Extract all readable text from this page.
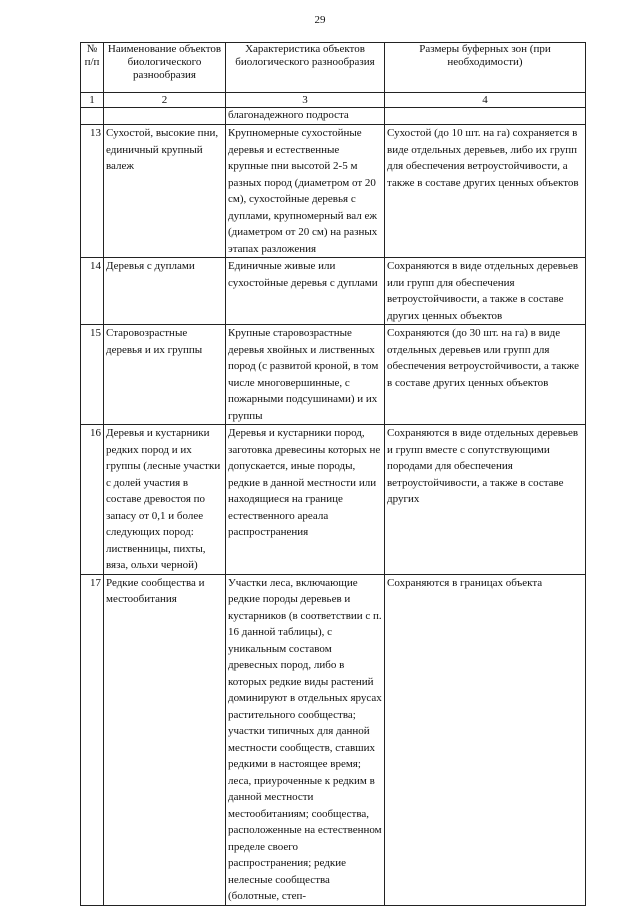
29
№ п/п	Наименование объектов биологического разнообразия	Характеристика объектов биологического разнообразия	Размеры буферных зон (при необходимости)
1	2	3	4
		благонадежного подроста	
13	Сухостой, высокие пни, единичный крупный валеж	Крупномерные сухостойные деревья и естественные крупные пни высотой 2-5 м разных пород (диаметром от 20 см), сухостойные деревья с дуплами, крупномерный вал еж (диаметром от 20 см) на разных этапах разложения	Сухостой (до 10 шт. на га) сохраняется в виде отдельных деревьев, либо их групп для обеспечения ветроустойчивости, а также в составе других ценных объектов
14	Деревья с дуплами	Единичные живые или сухостойные деревья с дуплами	Сохраняются в виде отдельных деревьев или групп для обеспечения ветроустойчивости, а также в составе других ценных объектов
15	Старовозрастные деревья и их группы	Крупные старовозрастные деревья хвойных и лиственных пород (с развитой кроной, в том числе многовершинные, с пожарными подсушинами) и их группы	Сохраняются (до 30 шт. на га) в виде отдельных деревьев или групп для обеспечения ветроустойчивости, а также в составе других ценных объектов
16	Деревья и кустарники редких пород и их группы (лесные участки с долей участия в составе древостоя по запасу от 0,1 и более следующих пород: лиственницы, пихты, вяза, ольхи черной)	Деревья и кустарники пород, заготовка древесины которых не допускается, иные породы, редкие в данной местности или находящиеся на границе естественного ареала распространения	Сохраняются в виде отдельных деревьев и групп вместе с сопутствующими породами для обеспечения ветроустойчивости, а также в составе других
17	Редкие сообщества и местообитания	Участки леса, включающие редкие породы деревьев и кустарников (в соответствии с п. 16 данной таблицы), с уникальным составом древесных пород, либо в которых редкие виды растений доминируют в отдельных ярусах растительного сообщества; участки типичных для данной местности сообществ, ставших редкими в настоящее время; леса, приуроченные к редким в данной местности местообитаниям; сообщества, расположенные на естественном пределе своего распространения; редкие нелесные сообщества (болотные, степ-	Сохраняются в границах объекта
